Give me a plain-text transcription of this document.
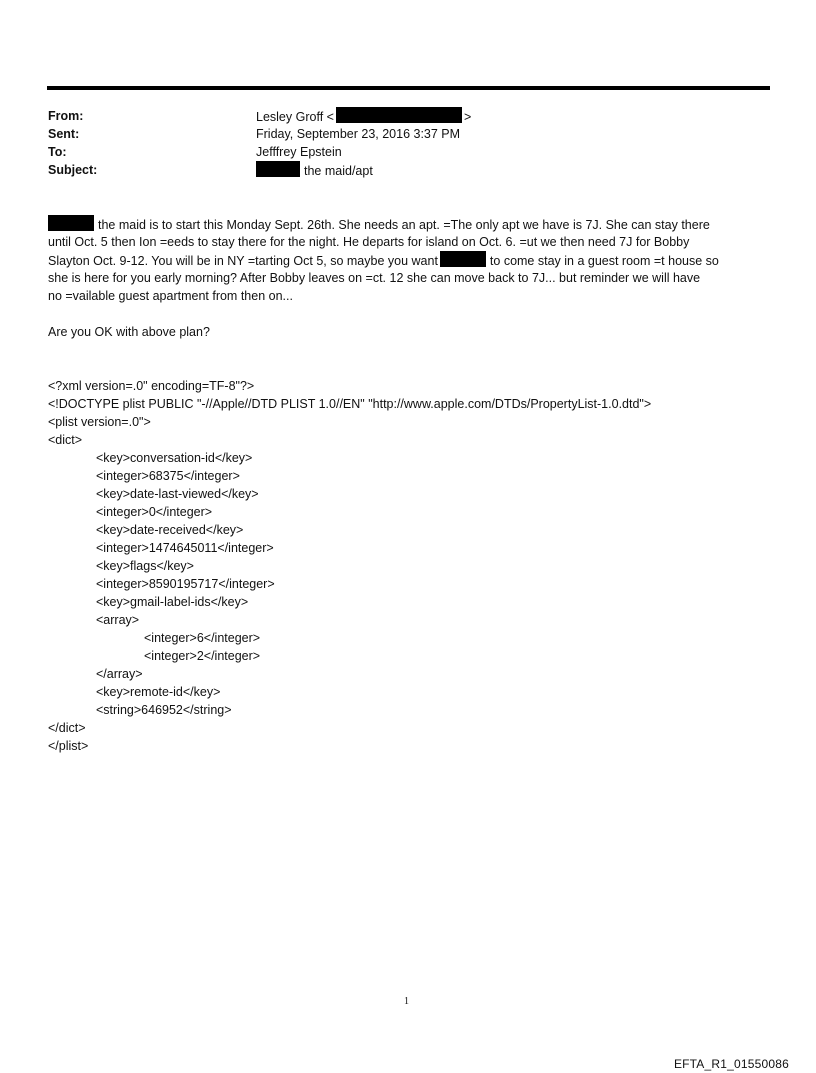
From:	Lesley Groff <	>
Sent:	Friday, September 23, 2016 3:37 PM
To:	Jefffrey Epstein
Subject:	the maid/apt
the maid is to start this Monday Sept. 26th. She needs an apt. =The only apt we have is 7J. She can stay there
until Oct. 5 then Ion =eeds to stay there for the night. He departs for island on Oct. 6. =ut we then need 7J for Bobby
Slayton Oct. 9-12. You will be in NY =tarting Oct 5, so maybe you want	to come stay in a guest room =t house so
she is here for you early morning? After Bobby leaves on =ct. 12 she can move back to 7J... but reminder we will have
no =vailable guest apartment from then on...
Are you OK with above plan?
<?xml version=.0" encoding=TF-8"?>
<!DOCTYPE plist PUBLIC "-//Apple//DTD PLIST 1.0//EN" "http://www.apple.com/DTDs/PropertyList-1.0.dtd">
<plist version=.0">
<dict>
<key>conversation-id</key>
<integer>68375</integer>
<key>date-last-viewed</key>
<integer>0</integer>
<key>date-received</key>
<integer>1474645011</integer>
<key>flags</key>
<integer>8590195717</integer>
<key>gmail-label-ids</key>
<array>
<integer>6</integer>
<integer>2</integer>
</array>
<key>remote-id</key>
<string>646952</string>
</dict>
</plist>
1
EFTA_R1_01550086
